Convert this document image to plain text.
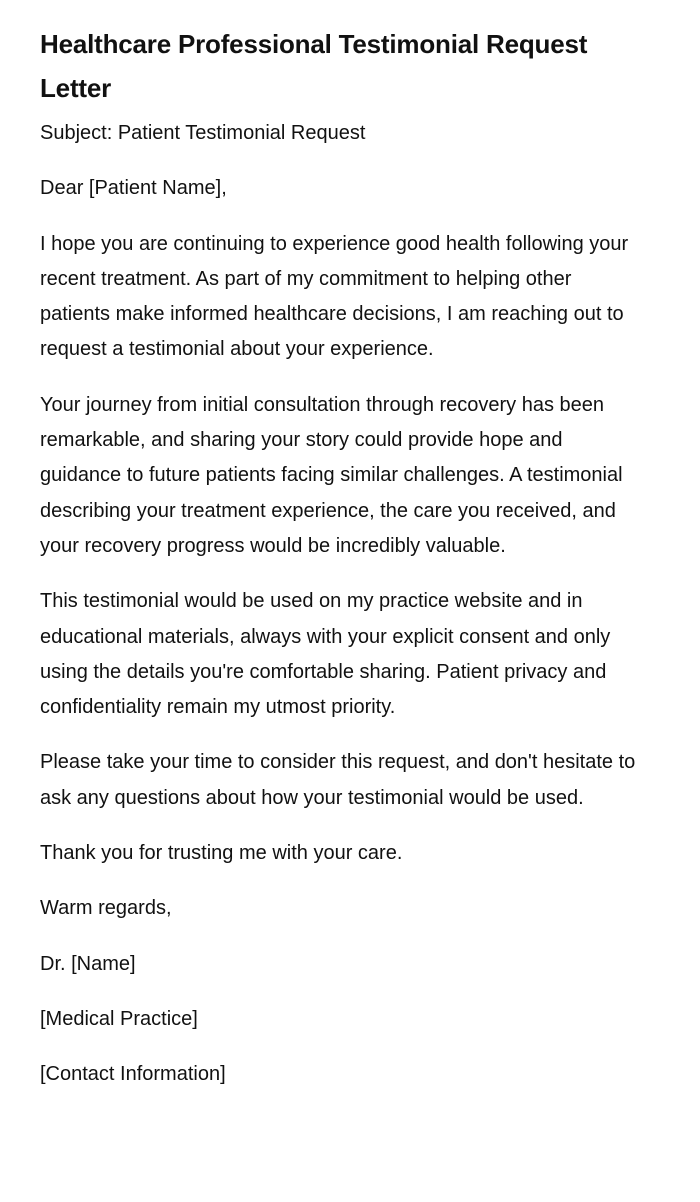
Healthcare Professional Testimonial Request Letter

Subject: Patient Testimonial Request

Dear [Patient Name],

I hope you are continuing to experience good health following your recent treatment. As part of my commitment to helping other patients make informed healthcare decisions, I am reaching out to request a testimonial about your experience.

Your journey from initial consultation through recovery has been remarkable, and sharing your story could provide hope and guidance to future patients facing similar challenges. A testimonial describing your treatment experience, the care you received, and your recovery progress would be incredibly valuable.

This testimonial would be used on my practice website and in educational materials, always with your explicit consent and only using the details you're comfortable sharing. Patient privacy and confidentiality remain my utmost priority.

Please take your time to consider this request, and don't hesitate to ask any questions about how your testimonial would be used.

Thank you for trusting me with your care.

Warm regards,

Dr. [Name]

[Medical Practice]

[Contact Information]
